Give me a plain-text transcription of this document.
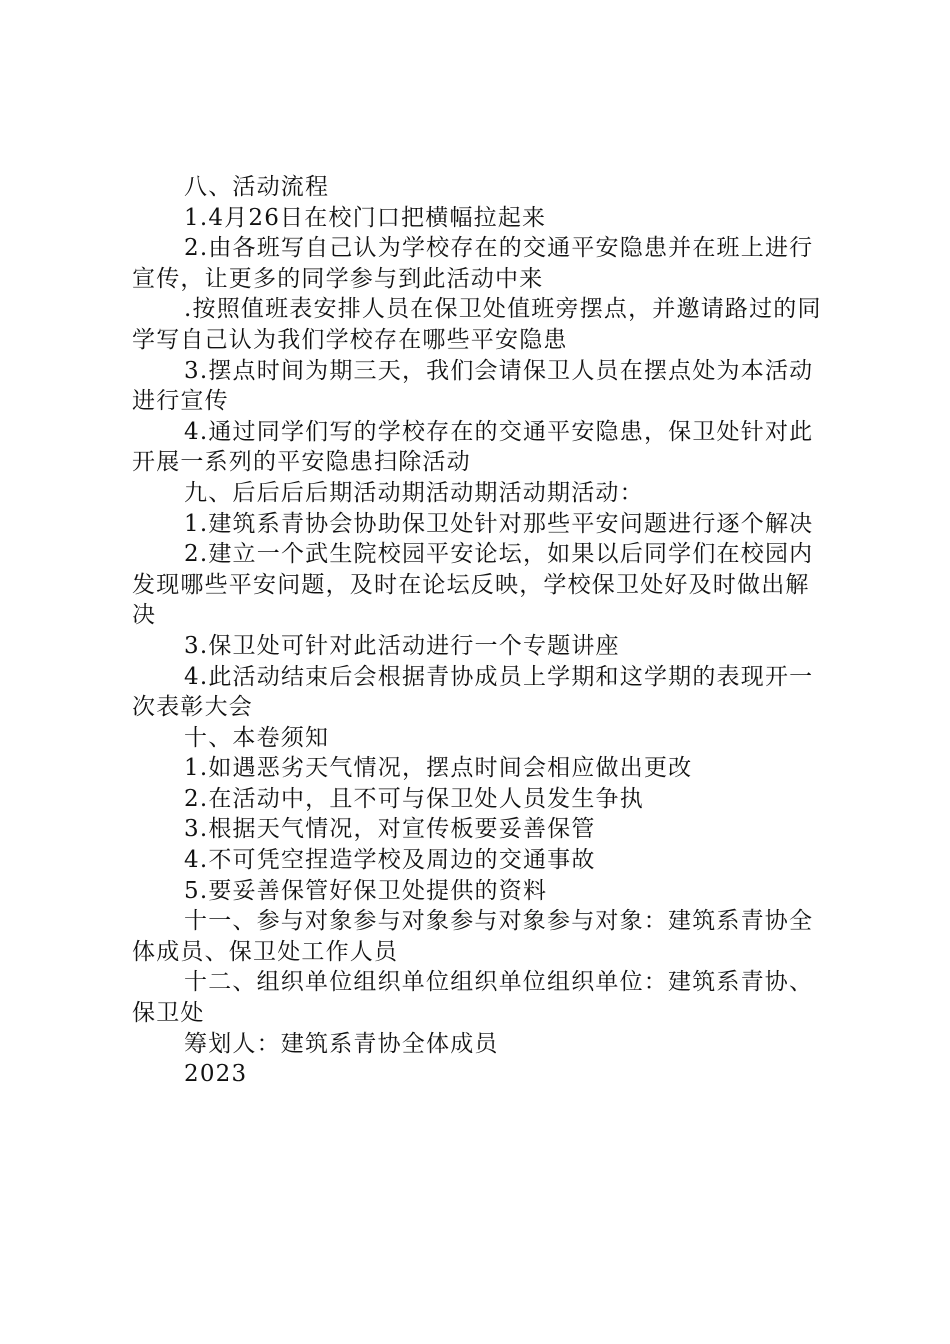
八、活动流程

1.4月26日在校门口把横幅拉起来

2.由各班写自己认为学校存在的交通平安隐患并在班上进行宣传，让更多的同学参与到此活动中来

.按照值班表安排人员在保卫处值班旁摆点，并邀请路过的同学写自己认为我们学校存在哪些平安隐患

3.摆点时间为期三天，我们会请保卫人员在摆点处为本活动进行宣传

4.通过同学们写的学校存在的交通平安隐患，保卫处针对此开展一系列的平安隐患扫除活动

九、后后后后期活动期活动期活动期活动：

1.建筑系青协会协助保卫处针对那些平安问题进行逐个解决

2.建立一个武生院校园平安论坛，如果以后同学们在校园内发现哪些平安问题，及时在论坛反映，学校保卫处好及时做出解决

3.保卫处可针对此活动进行一个专题讲座

4.此活动结束后会根据青协成员上学期和这学期的表现开一次表彰大会

十、本卷须知

1.如遇恶劣天气情况，摆点时间会相应做出更改

2.在活动中，且不可与保卫处人员发生争执

3.根据天气情况，对宣传板要妥善保管

4.不可凭空捏造学校及周边的交通事故

5.要妥善保管好保卫处提供的资料

十一、参与对象参与对象参与对象参与对象：建筑系青协全体成员、保卫处工作人员

十二、组织单位组织单位组织单位组织单位：建筑系青协、保卫处

筹划人：建筑系青协全体成员

2023
